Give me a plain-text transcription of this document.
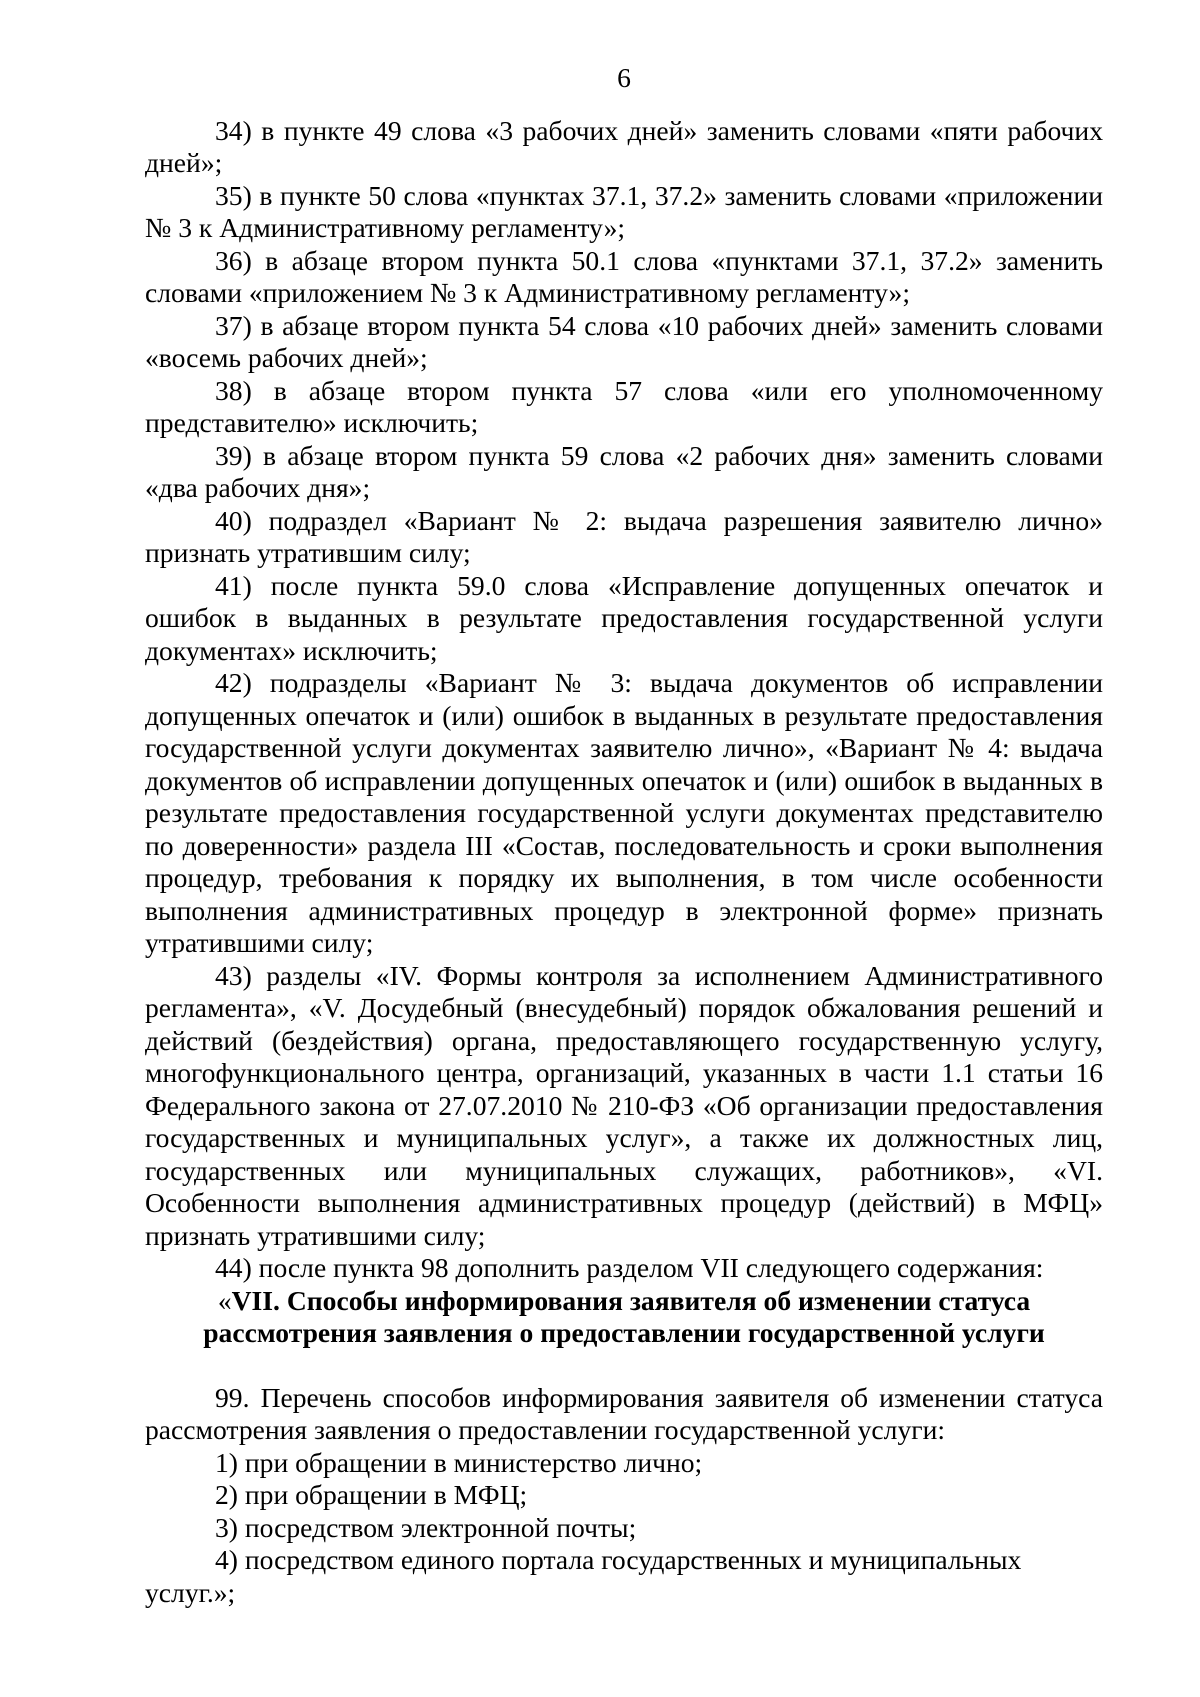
6

34) в пункте 49 слова «3 рабочих дней» заменить словами «пяти рабочих дней»;

35) в пункте 50 слова «пунктах 37.1, 37.2» заменить словами «приложении № 3 к Административному регламенту»;

36) в абзаце втором пункта 50.1 слова «пунктами 37.1, 37.2» заменить словами «приложением № 3 к Административному регламенту»;

37) в абзаце втором пункта 54 слова «10 рабочих дней» заменить словами «восемь рабочих дней»;

38) в абзаце втором пункта 57 слова «или его уполномоченному представителю» исключить;

39) в абзаце втором пункта 59 слова «2 рабочих дня» заменить словами «два рабочих дня»;

40) подраздел «Вариант № 2: выдача разрешения заявителю лично» признать утратившим силу;

41) после пункта 59.0 слова «Исправление допущенных опечаток и ошибок в выданных в результате предоставления государственной услуги документах» исключить;

42) подразделы «Вариант № 3: выдача документов об исправлении допущенных опечаток и (или) ошибок в выданных в результате предоставления государственной услуги документах заявителю лично», «Вариант № 4: выдача документов об исправлении допущенных опечаток и (или) ошибок в выданных в результате предоставления государственной услуги документах представителю по доверенности» раздела III «Состав, последовательность и сроки выполнения процедур, требования к порядку их выполнения, в том числе особенности выполнения административных процедур в электронной форме» признать утратившими силу;

43) разделы «IV. Формы контроля за исполнением Административного регламента», «V. Досудебный (внесудебный) порядок обжалования решений и действий (бездействия) органа, предоставляющего государственную услугу, многофункционального центра, организаций, указанных в части 1.1 статьи 16 Федерального закона от 27.07.2010 № 210-ФЗ «Об организации предоставления государственных и муниципальных услуг», а также их должностных лиц, государственных или муниципальных служащих, работников», «VI. Особенности выполнения административных процедур (действий) в МФЦ» признать утратившими силу;

44) после пункта 98 дополнить разделом VII следующего содержания:

«VII. Способы информирования заявителя об изменении статуса
рассмотрения заявления о предоставлении государственной услуги

99. Перечень способов информирования заявителя об изменении статуса рассмотрения заявления о предоставлении государственной услуги:

1) при обращении в министерство лично;

2) при обращении в МФЦ;

3) посредством электронной почты;

4) посредством единого портала государственных и муниципальных услуг.»;
